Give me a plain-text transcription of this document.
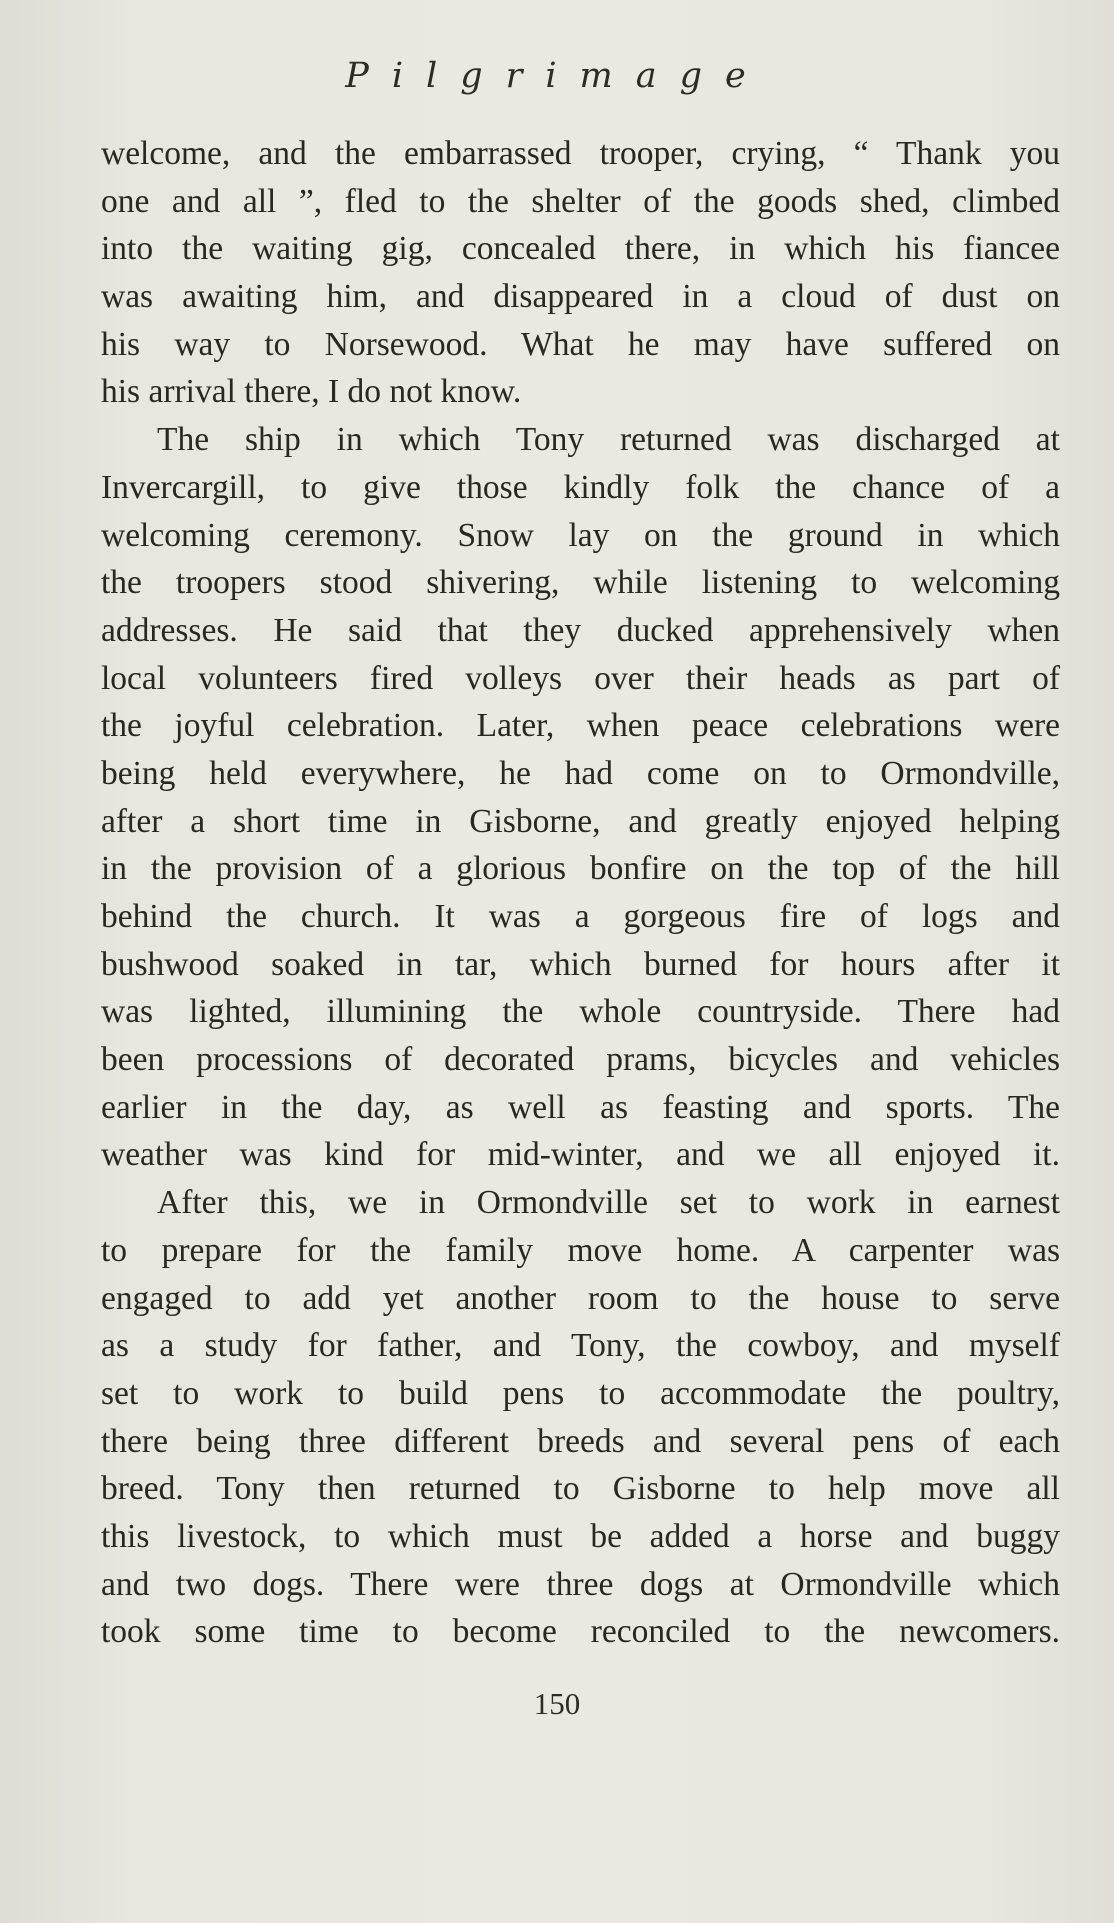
Pilgrimage
welcome, and the embarrassed trooper, crying, “ Thank you
one and all ”, fled to the shelter of the goods shed, climbed
into the waiting gig, concealed there, in which his fiancee
was awaiting him, and disappeared in a cloud of dust on
his way to Norsewood. What he may have suffered on
his arrival there, I do not know.
The ship in which Tony returned was discharged at
Invercargill, to give those kindly folk the chance of a
welcoming ceremony. Snow lay on the ground in which
the troopers stood shivering, while listening to welcoming
addresses. He said that they ducked apprehensively when
local volunteers fired volleys over their heads as part of
the joyful celebration. Later, when peace celebrations were
being held everywhere, he had come on to Ormondville,
after a short time in Gisborne, and greatly enjoyed helping
in the provision of a glorious bonfire on the top of the hill
behind the church. It was a gorgeous fire of logs and
bushwood soaked in tar, which burned for hours after it
was lighted, illumining the whole countryside. There had
been processions of decorated prams, bicycles and vehicles
earlier in the day, as well as feasting and sports. The
weather was kind for mid-winter, and we all enjoyed it.
After this, we in Ormondville set to work in earnest
to prepare for the family move home. A carpenter was
engaged to add yet another room to the house to serve
as a study for father, and Tony, the cowboy, and myself
set to work to build pens to accommodate the poultry,
there being three different breeds and several pens of each
breed. Tony then returned to Gisborne to help move all
this livestock, to which must be added a horse and buggy
and two dogs. There were three dogs at Ormondville which
took some time to become reconciled to the newcomers.
150
